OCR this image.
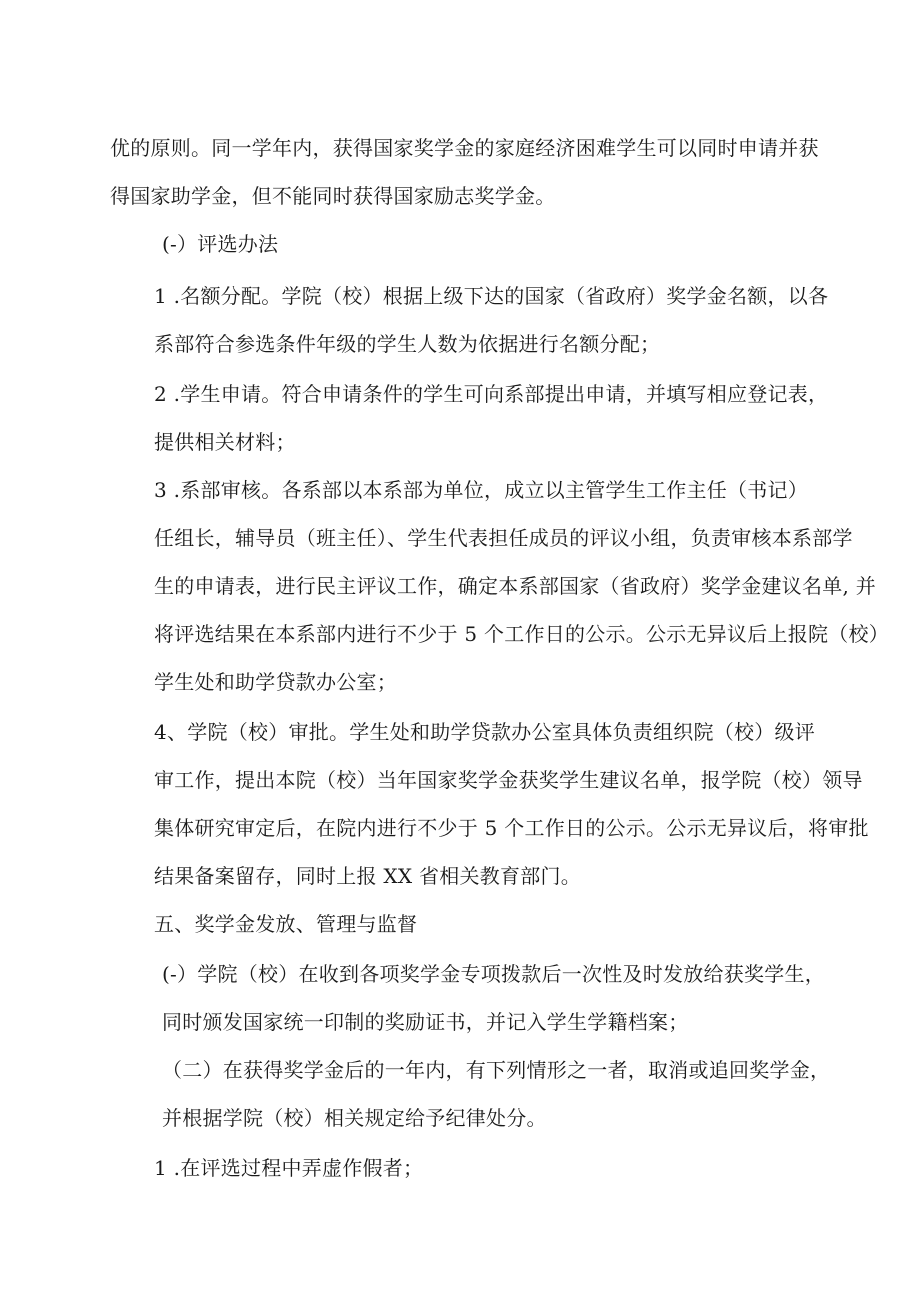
优的原则。同一学年内，获得国家奖学金的家庭经济困难学生可以同时申请并获
得国家助学金，但不能同时获得国家励志奖学金。

(-）评选办法

1 .名额分配。学院（校）根据上级下达的国家（省政府）奖学金名额，以各
系部符合参选条件年级的学生人数为依据进行名额分配；

2 .学生申请。符合申请条件的学生可向系部提出申请，并填写相应登记表，
提供相关材料；

3 .系部审核。各系部以本系部为单位，成立以主管学生工作主任（书记）
任组长，辅导员（班主任）、学生代表担任成员的评议小组，负责审核本系部学
生的申请表，进行民主评议工作，确定本系部国家（省政府）奖学金建议名单, 并
将评选结果在本系部内进行不少于 5 个工作日的公示。公示无异议后上报院（校）
学生处和助学贷款办公室；

4、学院（校）审批。学生处和助学贷款办公室具体负责组织院（校）级评
审工作，提出本院（校）当年国家奖学金获奖学生建议名单，报学院（校）领导
集体研究审定后，在院内进行不少于 5 个工作日的公示。公示无异议后，将审批
结果备案留存，同时上报 XX 省相关教育部门。

五、奖学金发放、管理与监督

(-）学院（校）在收到各项奖学金专项拨款后一次性及时发放给获奖学生，
同时颁发国家统一印制的奖励证书，并记入学生学籍档案；

（二）在获得奖学金后的一年内，有下列情形之一者，取消或追回奖学金，
并根据学院（校）相关规定给予纪律处分。

1 .在评选过程中弄虚作假者；
